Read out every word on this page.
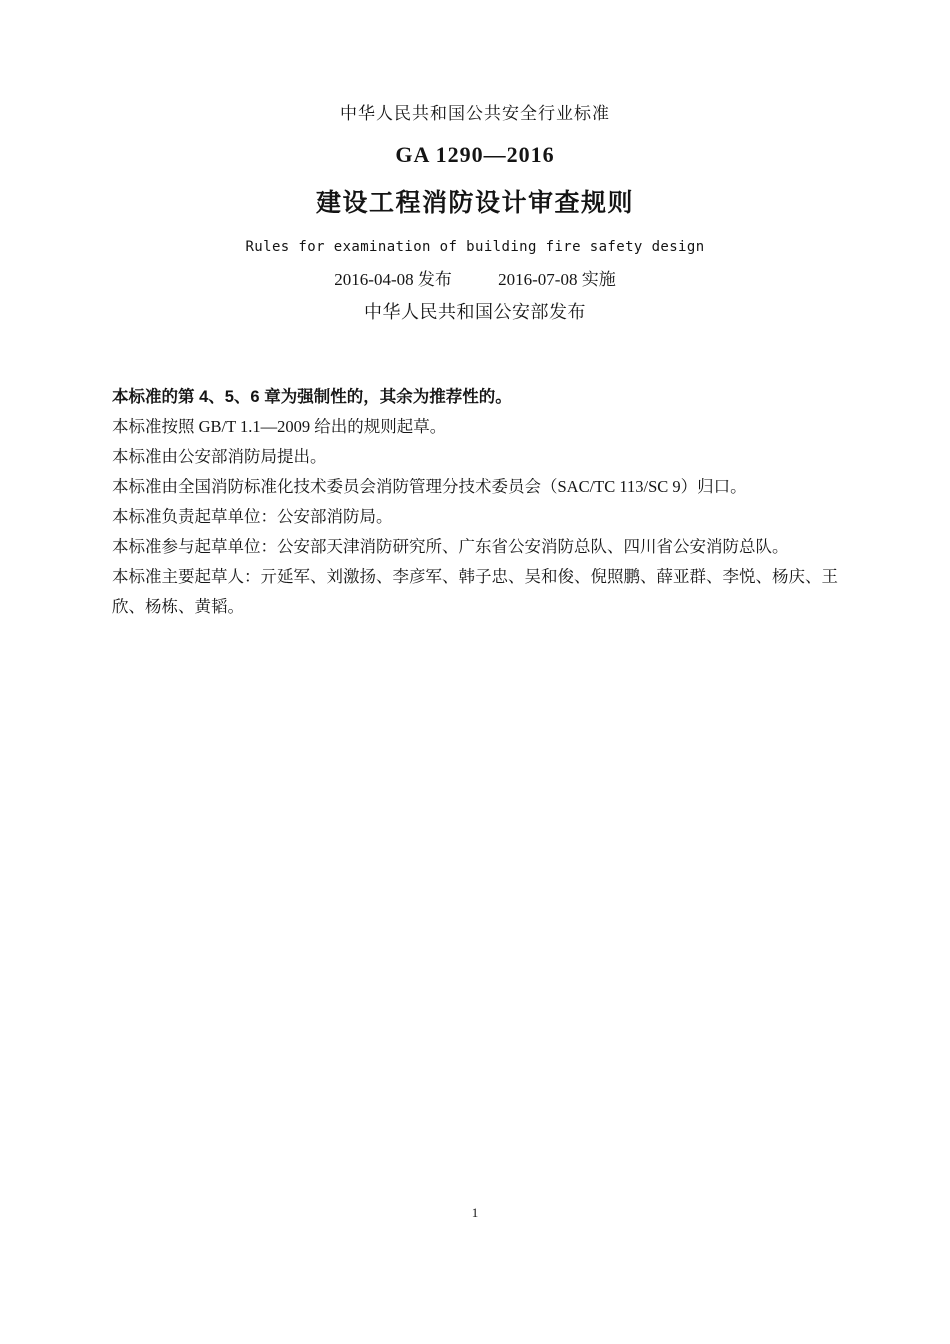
中华人民共和国公共安全行业标准
GA 1290—2016
建设工程消防设计审查规则
Rules for examination of building fire safety design
2016-04-08 发布	2016-07-08 实施
中华人民共和国公安部发布

本标准的第 4、5、6 章为强制性的，其余为推荐性的。

本标准按照 GB/T 1.1—2009 给出的规则起草。

本标准由公安部消防局提出。

本标准由全国消防标准化技术委员会消防管理分技术委员会（SAC/TC 113/SC 9）归口。

本标准负责起草单位：公安部消防局。

本标准参与起草单位：公安部天津消防研究所、广东省公安消防总队、四川省公安消防总队。

本标准主要起草人：亓延军、刘激扬、李彦军、韩子忠、吴和俊、倪照鹏、薛亚群、李悦、杨庆、王欣、杨栋、黄韬。

1
